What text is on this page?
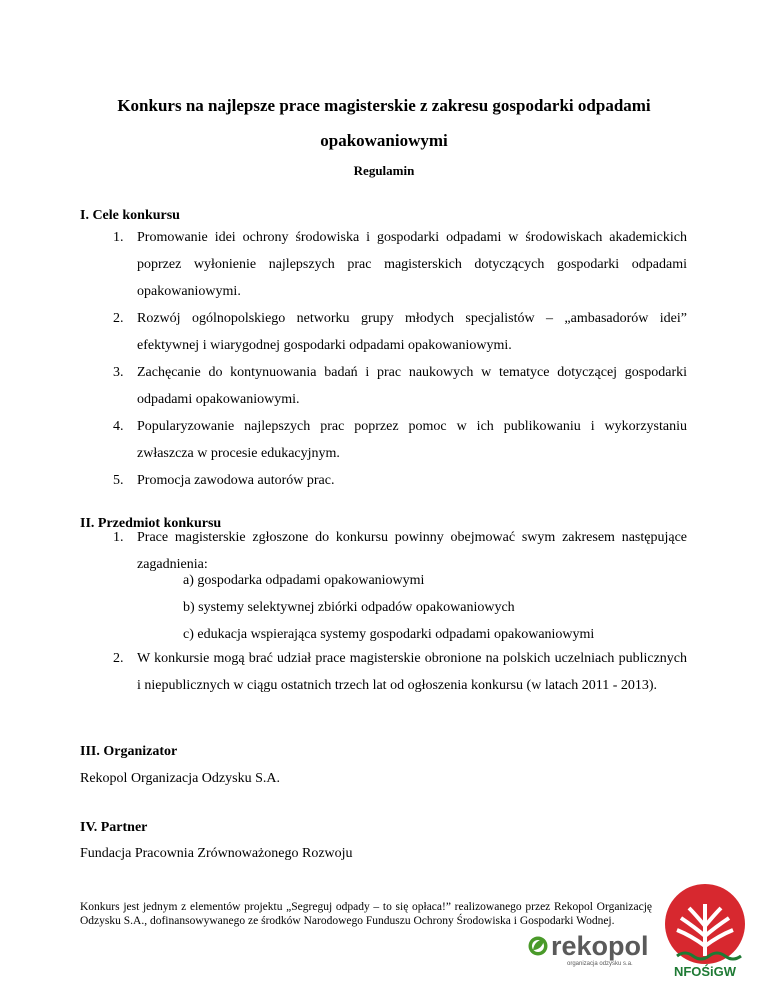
Konkurs na najlepsze prace magisterskie z zakresu gospodarki odpadami
opakowaniowymi
Regulamin
I. Cele konkursu
1. Promowanie idei ochrony środowiska i gospodarki odpadami w środowiskach akademickich poprzez wyłonienie najlepszych prac magisterskich dotyczących gospodarki odpadami opakowaniowymi.
2. Rozwój ogólnopolskiego networku grupy młodych specjalistów – „ambasadorów idei” efektywnej i wiarygodnej gospodarki odpadami opakowaniowymi.
3. Zachęcanie do kontynuowania badań i prac naukowych w tematyce dotyczącej gospodarki odpadami opakowaniowymi.
4. Popularyzowanie najlepszych prac poprzez pomoc w ich publikowaniu i wykorzystaniu zwłaszcza w procesie edukacyjnym.
5. Promocja zawodowa autorów prac.
II. Przedmiot konkursu
1. Prace magisterskie zgłoszone do konkursu powinny obejmować swym zakresem następujące zagadnienia:
a) gospodarka odpadami opakowaniowymi
b) systemy selektywnej zbiórki odpadów opakowaniowych
c) edukacja wspierająca systemy gospodarki odpadami opakowaniowymi
2. W konkursie mogą brać udział prace magisterskie obronione na polskich uczelniach publicznych i niepublicznych w ciągu ostatnich trzech lat od ogłoszenia konkursu (w latach 2011 - 2013).
III. Organizator
Rekopol Organizacja Odzysku S.A.
IV. Partner
Fundacja Pracownia Zrównoważonego Rozwoju
Konkurs jest jednym z elementów projektu „Segreguj odpady – to się opłaca!” realizowanego przez Rekopol Organizację Odzysku S.A., dofinansowywanego ze środków Narodowego Funduszu Ochrony Środowiska i Gospodarki Wodnej.
rekopol
organizacja odzysku s.a.	NFOŚiGW
